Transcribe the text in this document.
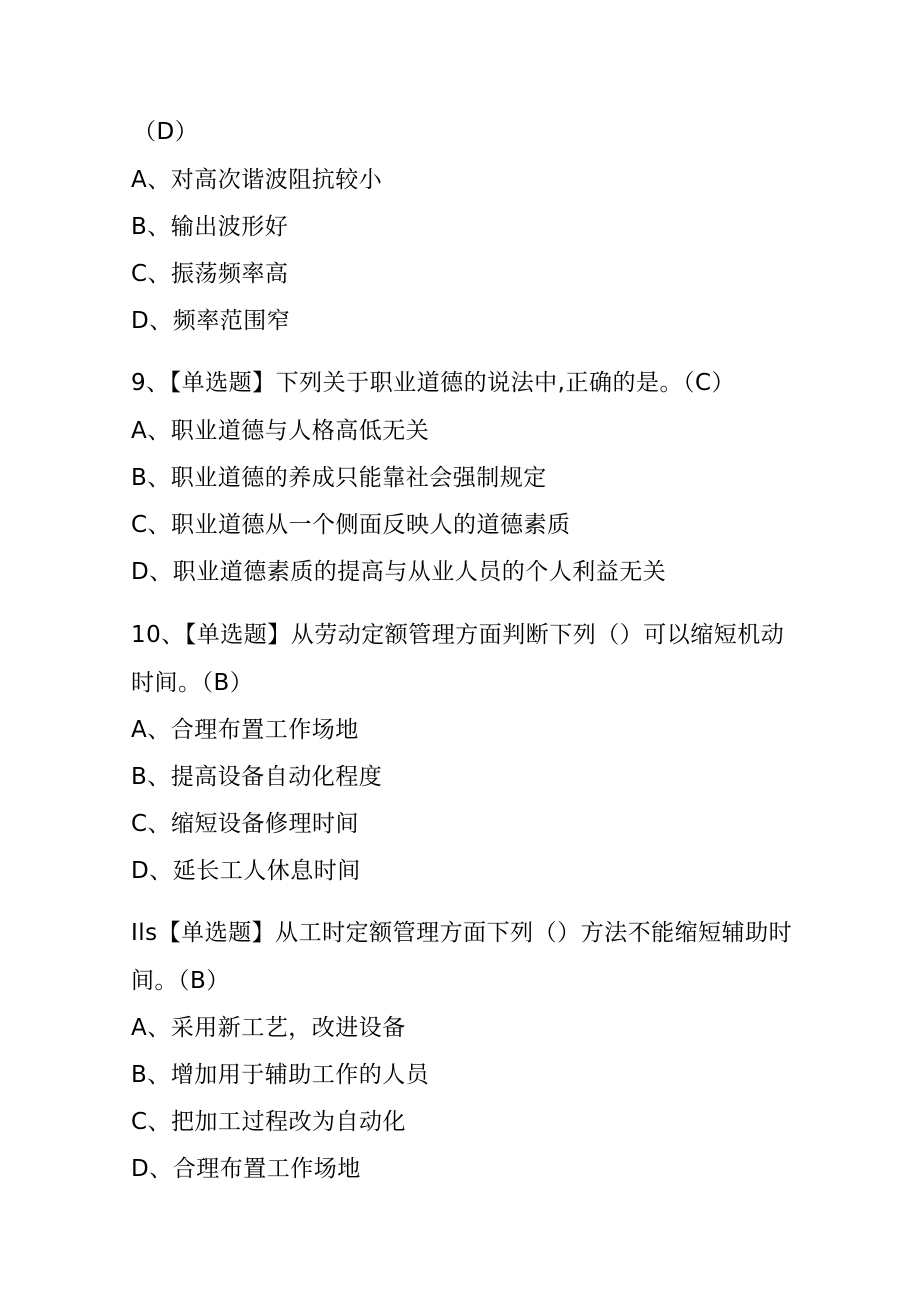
（D）
A、对高次谐波阻抗较小
B、输出波形好
C、振荡频率高
D、频率范围窄
9、【单选题】下列关于职业道德的说法中,正确的是。（C）
A、职业道德与人格高低无关
B、职业道德的养成只能靠社会强制规定
C、职业道德从一个侧面反映人的道德素质
D、职业道德素质的提高与从业人员的个人利益无关
10、【单选题】从劳动定额管理方面判断下列（）可以缩短机动
时间。（B）
A、合理布置工作场地
B、提高设备自动化程度
C、缩短设备修理时间
D、延长工人休息时间
Ils【单选题】从工时定额管理方面下列（）方法不能缩短辅助时
间。（B）
A、采用新工艺，改进设备
B、增加用于辅助工作的人员
C、把加工过程改为自动化
D、合理布置工作场地
